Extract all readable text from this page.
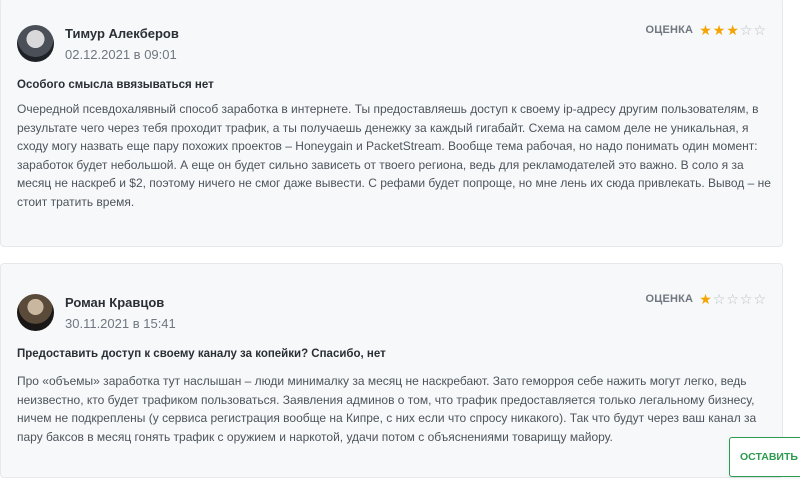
Тимур Алекберов
02.12.2021 в 09:01
ОЦЕНКА ★ ★ ★ ☆ ☆
Особого смысла ввязываться нет
Очередной псевдохалявный способ заработка в интернете. Ты предоставляешь доступ к своему ip-адресу другим пользователям, в результате чего через тебя проходит трафик, а ты получаешь денежку за каждый гигабайт. Схема на самом деле не уникальная, я сходу могу назвать еще пару похожих проектов – Honeygain и PacketStream. Вообще тема рабочая, но надо понимать один момент: заработок будет небольшой. А еще он будет сильно зависеть от твоего региона, ведь для рекламодателей это важно. В соло я за месяц не наскреб и $2, поэтому ничего не смог даже вывести. С рефами будет попроще, но мне лень их сюда привлекать. Вывод – не стоит тратить время.
Роман Кравцов
30.11.2021 в 15:41
ОЦЕНКА ★ ☆ ☆ ☆ ☆
Предоставить доступ к своему каналу за копейки? Спасибо, нет
Про «объемы» заработка тут наслышан – люди минималку за месяц не наскребают. Зато геморроя себе нажить могут легко, ведь неизвестно, кто будет трафиком пользоваться. Заявления админов о том, что трафик предоставляется только легальному бизнесу, ничем не подкреплены (у сервиса регистрация вообще на Кипре, с них если что спросу никакого). Так что будут через ваш канал за пару баксов в месяц гонять трафик с оружием и наркотой, удачи потом с объяснениями товарищу майору.
ОСТАВИТЬ
